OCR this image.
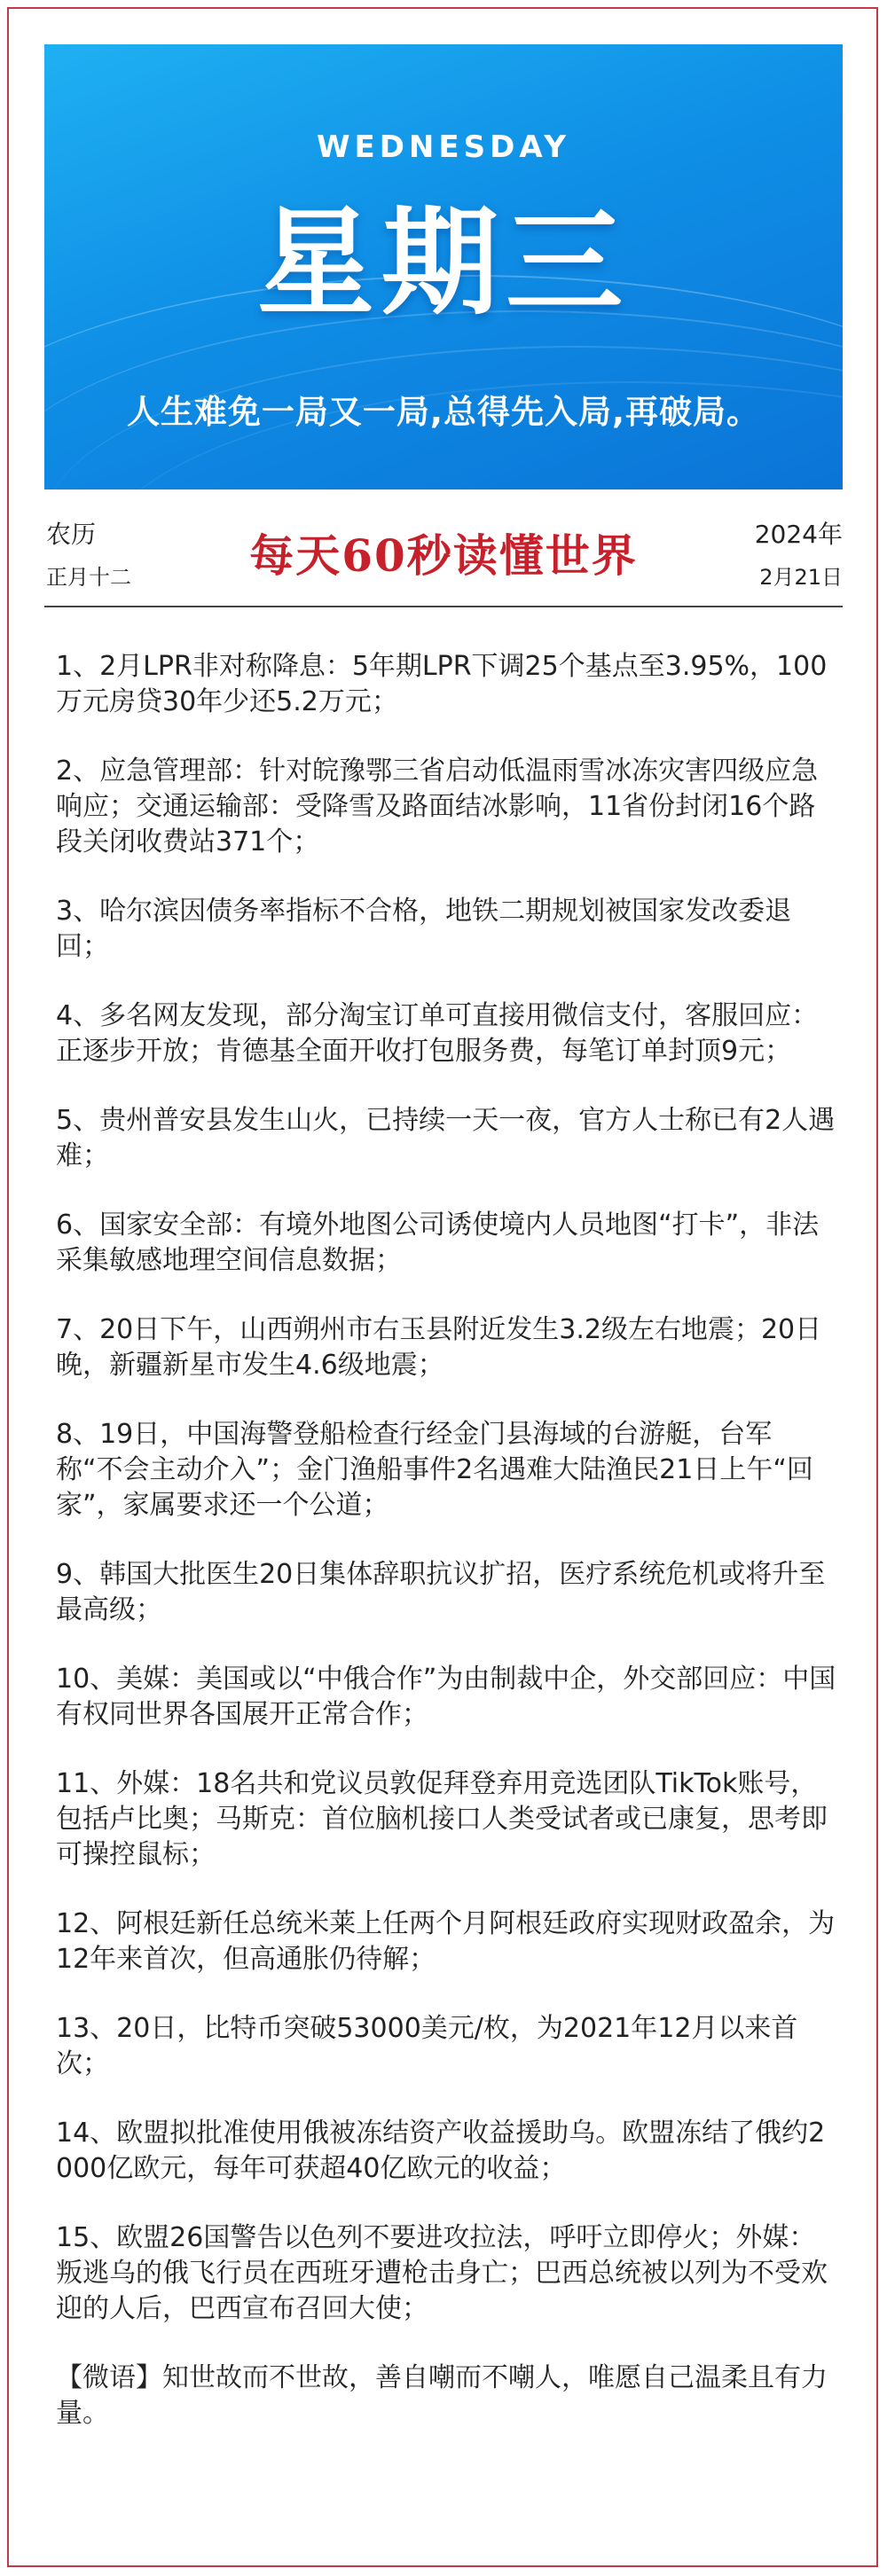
WEDNESDAY
星期三
人生难免一局又一局,总得先入局,再破局。
农历
正月十二	每天60秒读懂世界	2024年
2月21日
1、2月LPR非对称降息：5年期LPR下调25个基点至3.95%，100万元房贷30年少还5.2万元；
2、应急管理部：针对皖豫鄂三省启动低温雨雪冰冻灾害四级应急响应；交通运输部：受降雪及路面结冰影响，11省份封闭16个路段关闭收费站371个；
3、哈尔滨因债务率指标不合格，地铁二期规划被国家发改委退回；
4、多名网友发现，部分淘宝订单可直接用微信支付，客服回应：正逐步开放；肯德基全面开收打包服务费，每笔订单封顶9元；
5、贵州普安县发生山火，已持续一天一夜，官方人士称已有2人遇难；
6、国家安全部：有境外地图公司诱使境内人员地图“打卡”，非法采集敏感地理空间信息数据；
7、20日下午，山西朔州市右玉县附近发生3.2级左右地震；20日晚，新疆新星市发生4.6级地震；
8、19日，中国海警登船检查行经金门县海域的台游艇，台军称“不会主动介入”；金门渔船事件2名遇难大陆渔民21日上午“回家”，家属要求还一个公道；
9、韩国大批医生20日集体辞职抗议扩招，医疗系统危机或将升至最高级；
10、美媒：美国或以“中俄合作”为由制裁中企，外交部回应：中国有权同世界各国展开正常合作；
11、外媒：18名共和党议员敦促拜登弃用竞选团队TikTok账号，包括卢比奥；马斯克：首位脑机接口人类受试者或已康复，思考即可操控鼠标；
12、阿根廷新任总统米莱上任两个月阿根廷政府实现财政盈余，为12年来首次，但高通胀仍待解；
13、20日，比特币突破53000美元/枚，为2021年12月以来首次；
14、欧盟拟批准使用俄被冻结资产收益援助乌。欧盟冻结了俄约2000亿欧元，每年可获超40亿欧元的收益；
15、欧盟26国警告以色列不要进攻拉法，呼吁立即停火；外媒：叛逃乌的俄飞行员在西班牙遭枪击身亡；巴西总统被以列为不受欢迎的人后，巴西宣布召回大使；
【微语】知世故而不世故，善自嘲而不嘲人，唯愿自己温柔且有力量。
